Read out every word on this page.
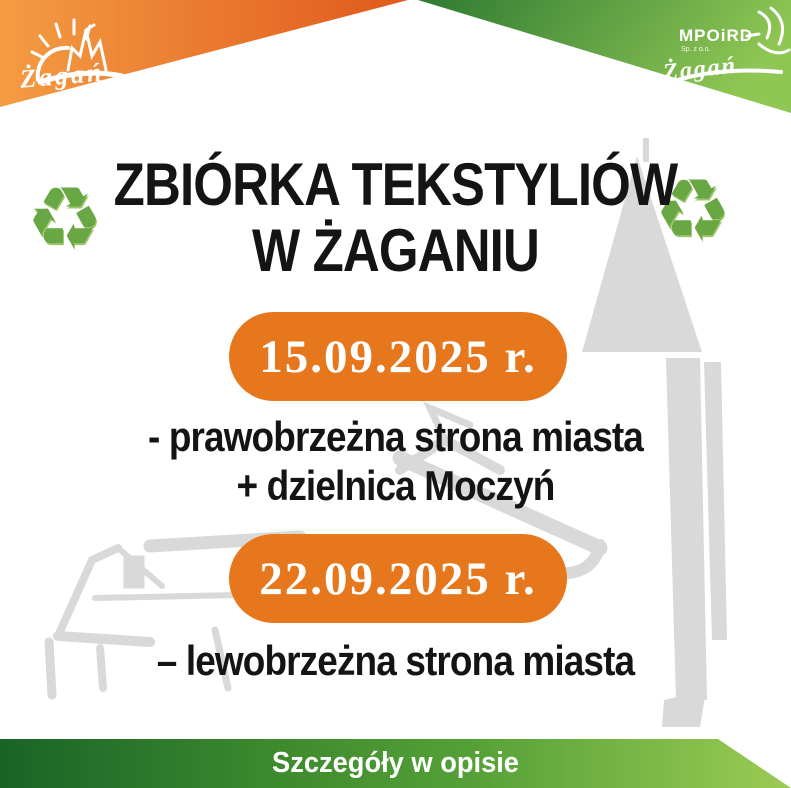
Żagań
MPOiRD
Sp. z o.o.
Żagań
♻	♻
ZBIÓRKA TEKSTYLIÓW
W ŻAGANIU
15.09.2025 r.
- prawobrzeżna strona miasta
+ dzielnica Moczyń
22.09.2025 r.
– lewobrzeżna strona miasta
Szczegóły w opisie
